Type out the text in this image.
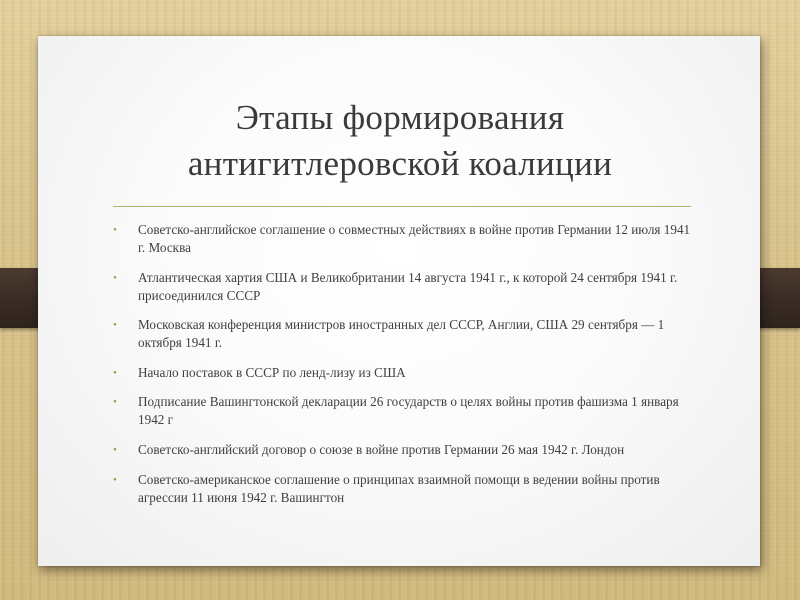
Этапы формирования
антигитлеровской коалиции
• Советско-английское соглашение о совместных действиях в войне против Германии 12 июля 1941 г. Москва
• Атлантическая хартия США и Великобритании 14 августа 1941 г., к которой 24 сентября 1941 г. присоединился СССР
• Московская конференция министров иностранных дел СССР, Англии, США 29 сентября — 1 октября 1941 г.
• Начало поставок в СССР по ленд-лизу из США
• Подписание Вашингтонской декларации 26 государств о целях войны против фашизма 1 января 1942 г
• Советско-английский договор о союзе в войне против Германии 26 мая 1942 г. Лондон
• Советско-американское соглашение о принципах взаимной помощи в ведении войны против агрессии 11 июня 1942 г. Вашингтон
